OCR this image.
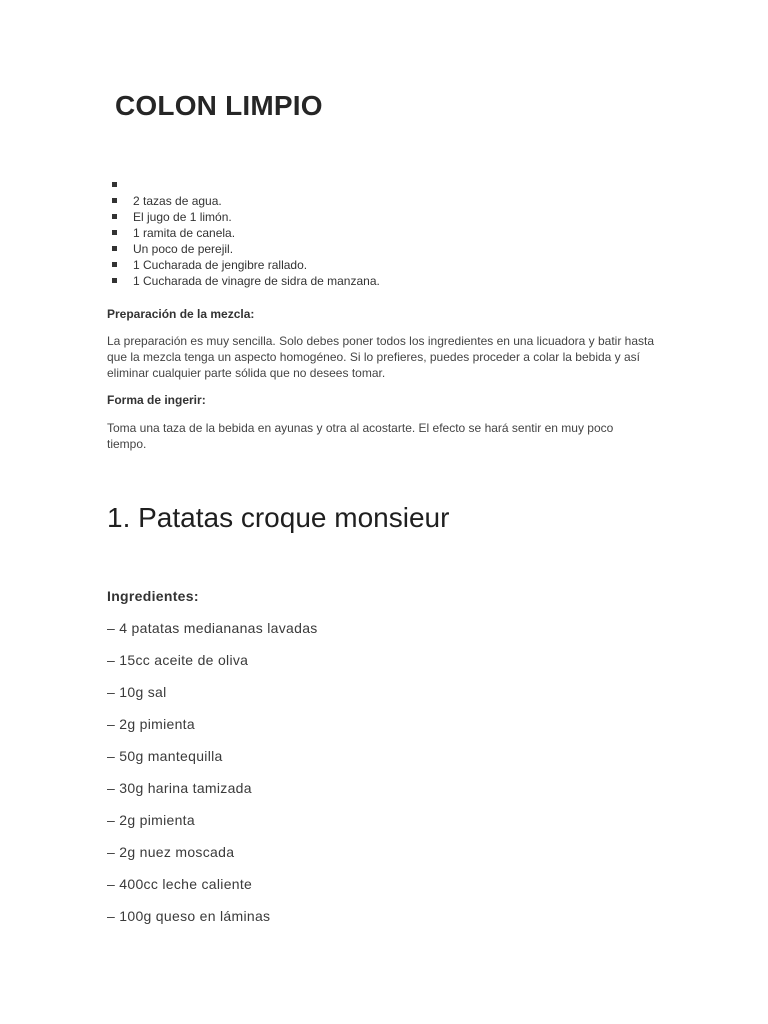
COLON LIMPIO
2 tazas de agua.
El jugo de 1 limón.
1 ramita de canela.
Un poco de perejil.
1 Cucharada de jengibre rallado.
1 Cucharada de vinagre de sidra de manzana.
Preparación de la mezcla:

La preparación es muy sencilla. Solo debes poner todos los ingredientes en una licuadora y batir hasta que la mezcla tenga un aspecto homogéneo. Si lo prefieres, puedes proceder a colar la bebida y así eliminar cualquier parte sólida que no desees tomar.

Forma de ingerir:

Toma una taza de la bebida en ayunas y otra al acostarte. El efecto se hará sentir en muy poco tiempo.

1. Patatas croque monsieur
Ingredientes:
– 4 patatas mediananas lavadas
– 15cc aceite de oliva
– 10g sal
– 2g pimienta
– 50g mantequilla
– 30g harina tamizada
– 2g pimienta
– 2g nuez moscada
– 400cc leche caliente
– 100g queso en láminas
